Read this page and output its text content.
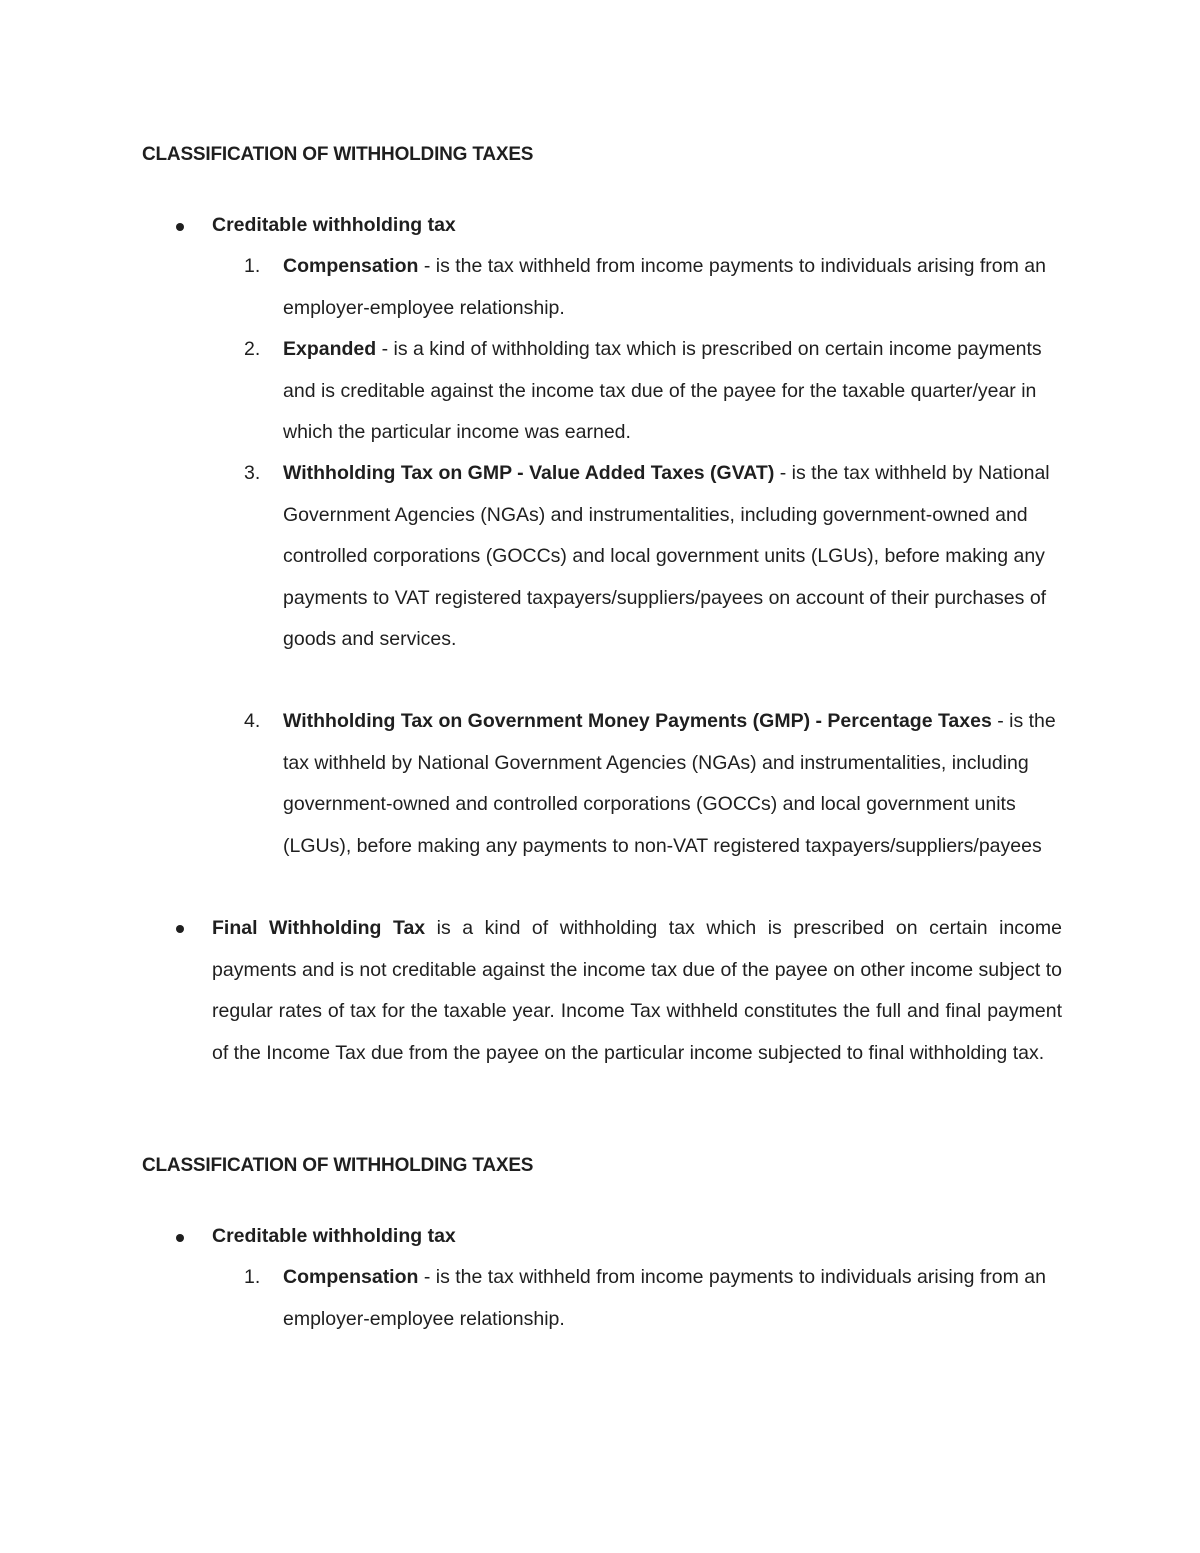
CLASSIFICATION OF WITHHOLDING TAXES
Creditable withholding tax
1.	Compensation - is the tax withheld from income payments to individuals arising from an employer-employee relationship.
2.	Expanded - is a kind of withholding tax which is prescribed on certain income payments and is creditable against the income tax due of the payee for the taxable quarter/year in which the particular income was earned.
3.	Withholding Tax on GMP - Value Added Taxes (GVAT) - is the tax withheld by National Government Agencies (NGAs) and instrumentalities, including government-owned and controlled corporations (GOCCs) and local government units (LGUs), before making any payments to VAT registered taxpayers/suppliers/payees on account of their purchases of goods and services.
4.	Withholding Tax on Government Money Payments (GMP) - Percentage Taxes - is the tax withheld by National Government Agencies (NGAs) and instrumentalities, including government-owned and controlled corporations (GOCCs) and local government units (LGUs), before making any payments to non-VAT registered taxpayers/suppliers/payees
Final Withholding Tax is a kind of withholding tax which is prescribed on certain income payments and is not creditable against the income tax due of the payee on other income subject to regular rates of tax for the taxable year. Income Tax withheld constitutes the full and final payment of the Income Tax due from the payee on the particular income subjected to final withholding tax.
CLASSIFICATION OF WITHHOLDING TAXES
Creditable withholding tax
1.	Compensation - is the tax withheld from income payments to individuals arising from an employer-employee relationship.
